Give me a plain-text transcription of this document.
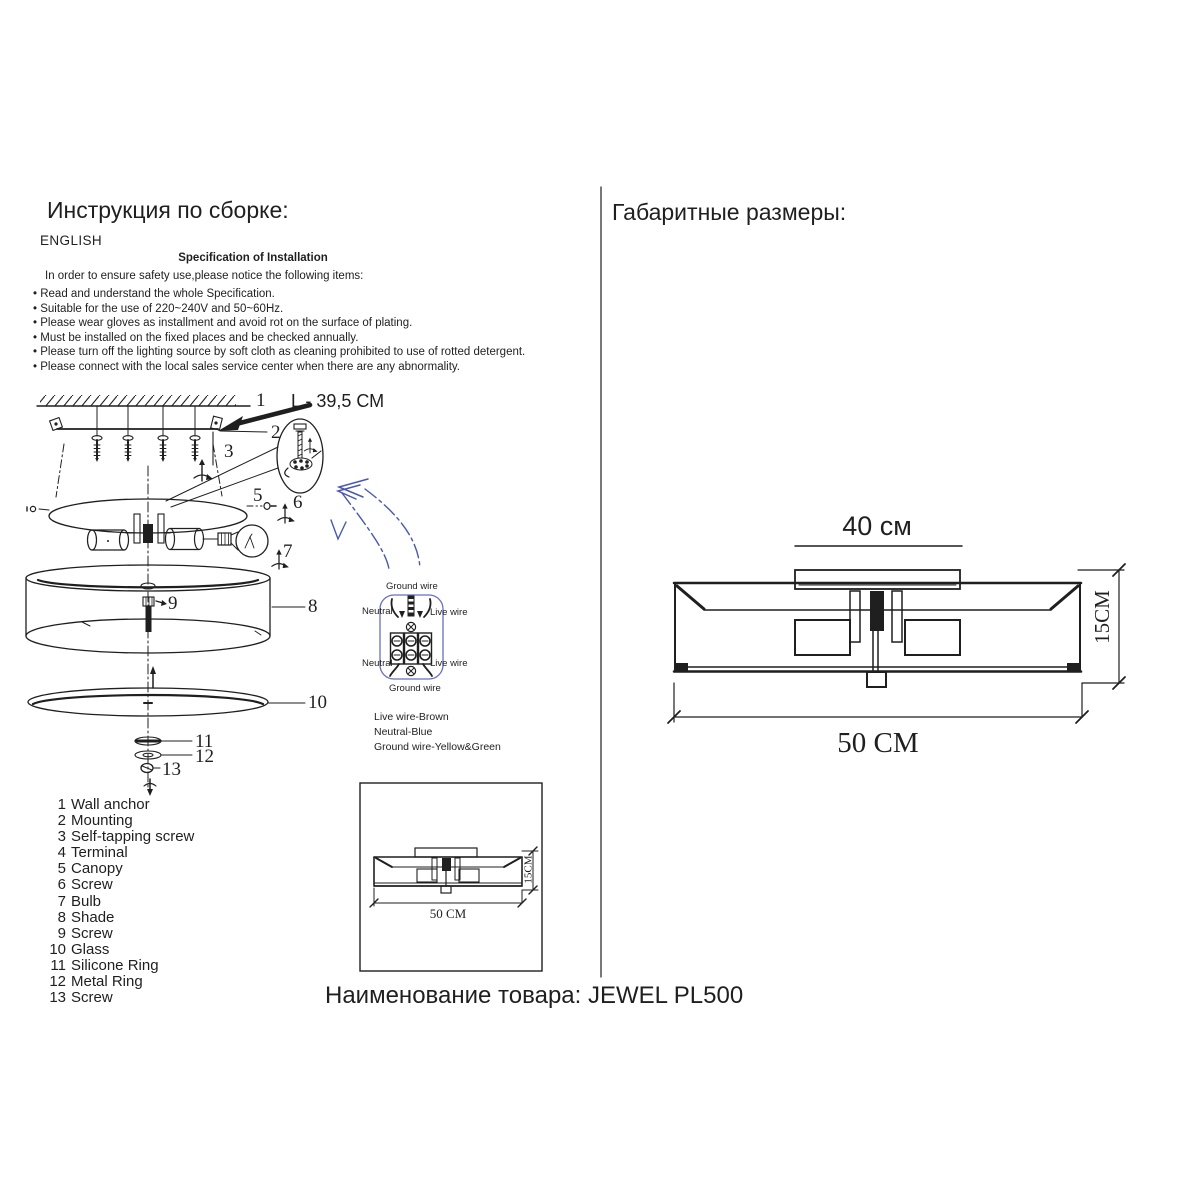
Инструкция по сборке:
ENGLISH
Specification of Installation
In order to ensure safety use,please notice the following items:
• Read and understand the whole Specification.
• Suitable for the use of 220~240V and 50~60Hz.
• Please wear gloves as installment and avoid rot on the surface of plating.
• Must be installed on the fixed places and be checked annually.
• Please turn off the lighting source by soft cloth as cleaning prohibited to use of rotted detergent.
• Please connect with the local sales service center when there are any abnormality.
L - 39,5 СМ
1
2
3
5 6
7
8
9
10
11
12
13
Ground wire
Neutral	Live wire
Neutral	Live wire
Ground wire
Live wire-Brown
Neutral-Blue
Ground wire-Yellow&Green
1 Wall anchor
2 Mounting
3 Self-tapping screw
4 Terminal
5 Canopy
6 Screw
7 Bulb
8 Shade
9 Screw
10 Glass
11 Silicone Ring
12 Metal Ring
13 Screw
15CM
50 CM
Габаритные размеры:
40 см
15CM
50 CM
Наименование товара: JEWEL PL500
